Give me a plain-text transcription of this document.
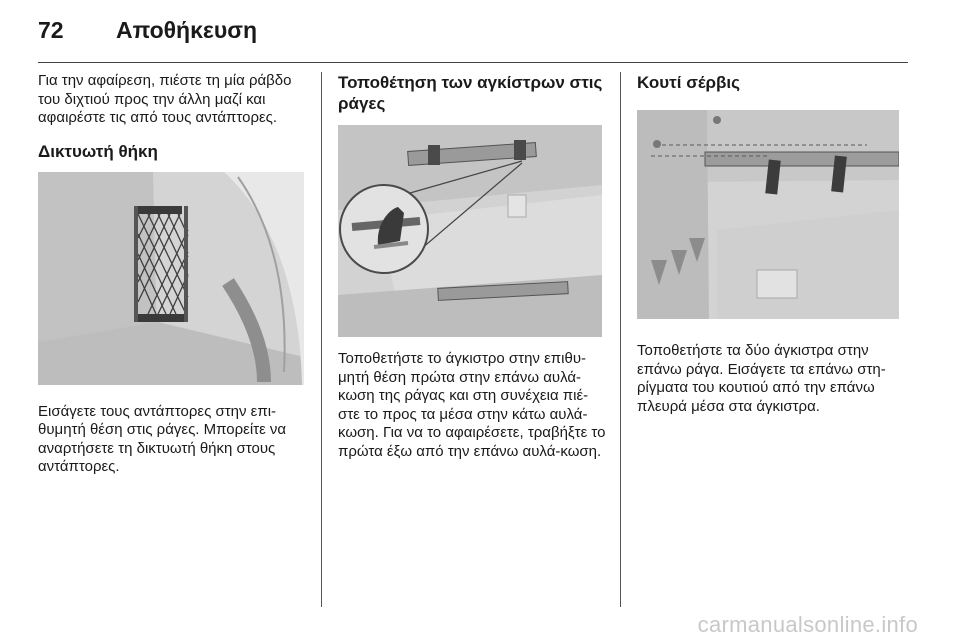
72 Αποθήκευση

Για την αφαίρεση, πιέστε τη μία ράβδο του διχτιού προς την άλλη μαζί και αφαιρέστε τις από τους αντάπτορες.

Δικτυωτή θήκη

Εισάγετε τους αντάπτορες στην επι-θυμητή θέση στις ράγες. Μπορείτε να αναρτήσετε τη δικτυωτή θήκη στους αντάπτορες.

Τοποθέτηση των αγκίστρων στις ράγες

Τοποθετήστε το άγκιστρο στην επιθυ-μητή θέση πρώτα στην επάνω αυλά-κωση της ράγας και στη συνέχεια πιέ-στε το προς τα μέσα στην κάτω αυλά-κωση. Για να το αφαιρέσετε, τραβήξτε το πρώτα έξω από την επάνω αυλά-κωση.

Κουτί σέρβις

Τοποθετήστε τα δύο άγκιστρα στην επάνω ράγα. Εισάγετε τα επάνω στη-ρίγματα του κουτιού από την επάνω πλευρά μέσα στα άγκιστρα.

carmanualsonline.info
